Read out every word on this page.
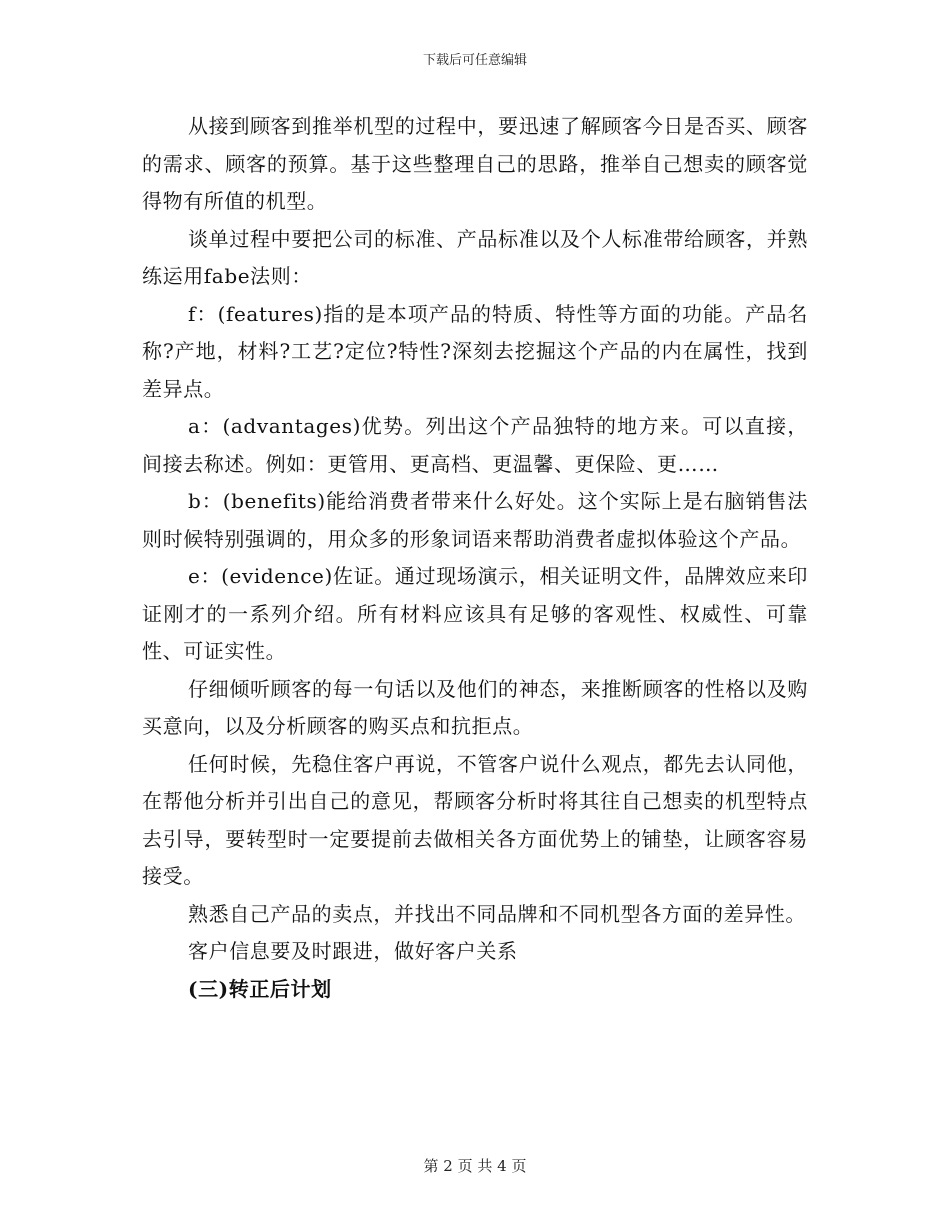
下载后可任意编辑

从接到顾客到推举机型的过程中，要迅速了解顾客今日是否买、顾客的需求、顾客的预算。基于这些整理自己的思路，推举自己想卖的顾客觉得物有所值的机型。

谈单过程中要把公司的标准、产品标准以及个人标准带给顾客，并熟练运用fabe法则：

f：(features)指的是本项产品的特质、特性等方面的功能。产品名称?产地，材料?工艺?定位?特性?深刻去挖掘这个产品的内在属性，找到差异点。

a：(advantages)优势。列出这个产品独特的地方来。可以直接，间接去称述。例如：更管用、更高档、更温馨、更保险、更……

b：(benefits)能给消费者带来什么好处。这个实际上是右脑销售法则时候特别强调的，用众多的形象词语来帮助消费者虚拟体验这个产品。

e：(evidence)佐证。通过现场演示，相关证明文件，品牌效应来印证刚才的一系列介绍。所有材料应该具有足够的客观性、权威性、可靠性、可证实性。

仔细倾听顾客的每一句话以及他们的神态，来推断顾客的性格以及购买意向，以及分析顾客的购买点和抗拒点。

任何时候，先稳住客户再说，不管客户说什么观点，都先去认同他，在帮他分析并引出自己的意见，帮顾客分析时将其往自己想卖的机型特点去引导，要转型时一定要提前去做相关各方面优势上的铺垫，让顾客容易接受。

熟悉自己产品的卖点，并找出不同品牌和不同机型各方面的差异性。

客户信息要及时跟进，做好客户关系

(三)转正后计划

第 2 页 共 4 页
